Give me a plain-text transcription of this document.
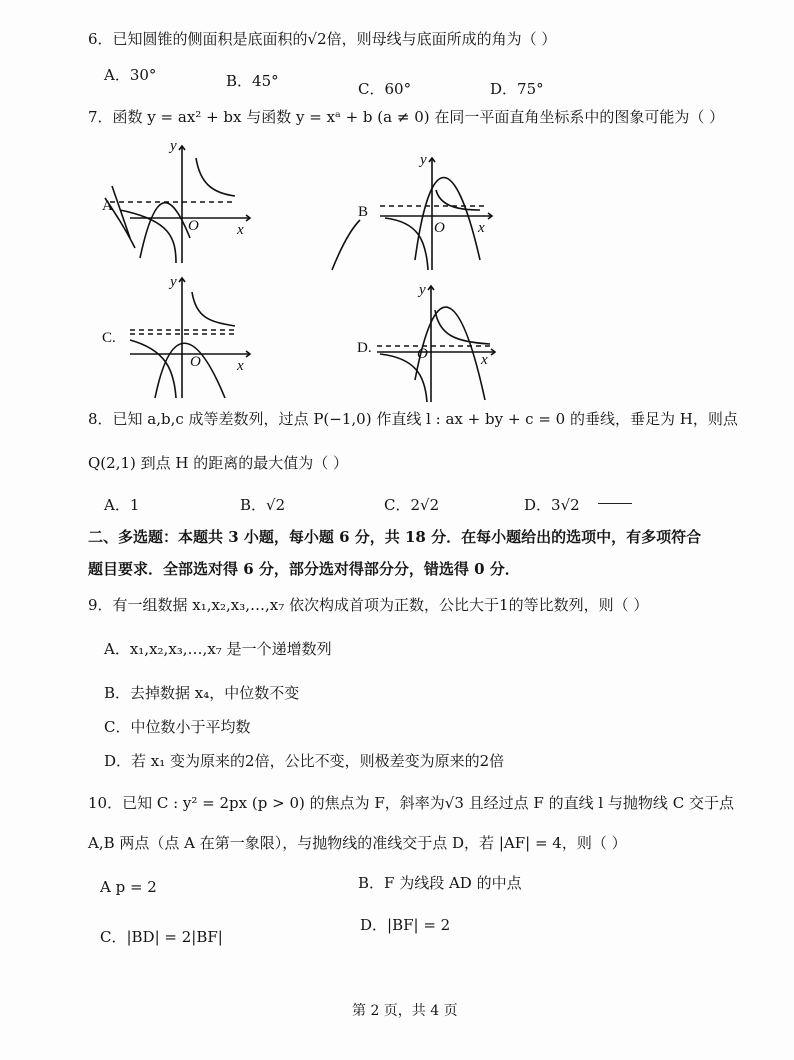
6．已知圆锥的侧面积是底面积的√2倍，则母线与底面所成的角为（ ）
A．30°	B．45°	C．60°	D．75°
7．函数 y = ax² + bx 与函数 y = xᵃ + b (a ≠ 0) 在同一平面直角坐标系中的图象可能为（ ）
A
y
x
O
B
y
x
O
C.
y
x
O
D.
y
x
O
8．已知 a,b,c 成等差数列，过点 P(−1,0) 作直线 l : ax + by + c = 0 的垂线，垂足为 H，则点
Q(2,1) 到点 H 的距离的最大值为（ ）
A．1	B．√2	C．2√2	D．3√2
二、多选题：本题共 3 小题，每小题 6 分，共 18 分．在每小题给出的选项中，有多项符合
题目要求．全部选对得 6 分，部分选对得部分分，错选得 0 分．
9．有一组数据 x₁,x₂,x₃,…,x₇ 依次构成首项为正数，公比大于1的等比数列，则（ ）
A．x₁,x₂,x₃,…,x₇ 是一个递增数列
B．去掉数据 x₄，中位数不变
C．中位数小于平均数
D．若 x₁ 变为原来的2倍，公比不变，则极差变为原来的2倍
10．已知 C : y² = 2px (p > 0) 的焦点为 F，斜率为√3 且经过点 F 的直线 l 与抛物线 C 交于点
A,B 两点（点 A 在第一象限），与抛物线的准线交于点 D，若 |AF| = 4，则（ ）
A p = 2	B．F 为线段 AD 的中点
C．|BD| = 2|BF|
D．|BF| = 2
第 2 页，共 4 页
